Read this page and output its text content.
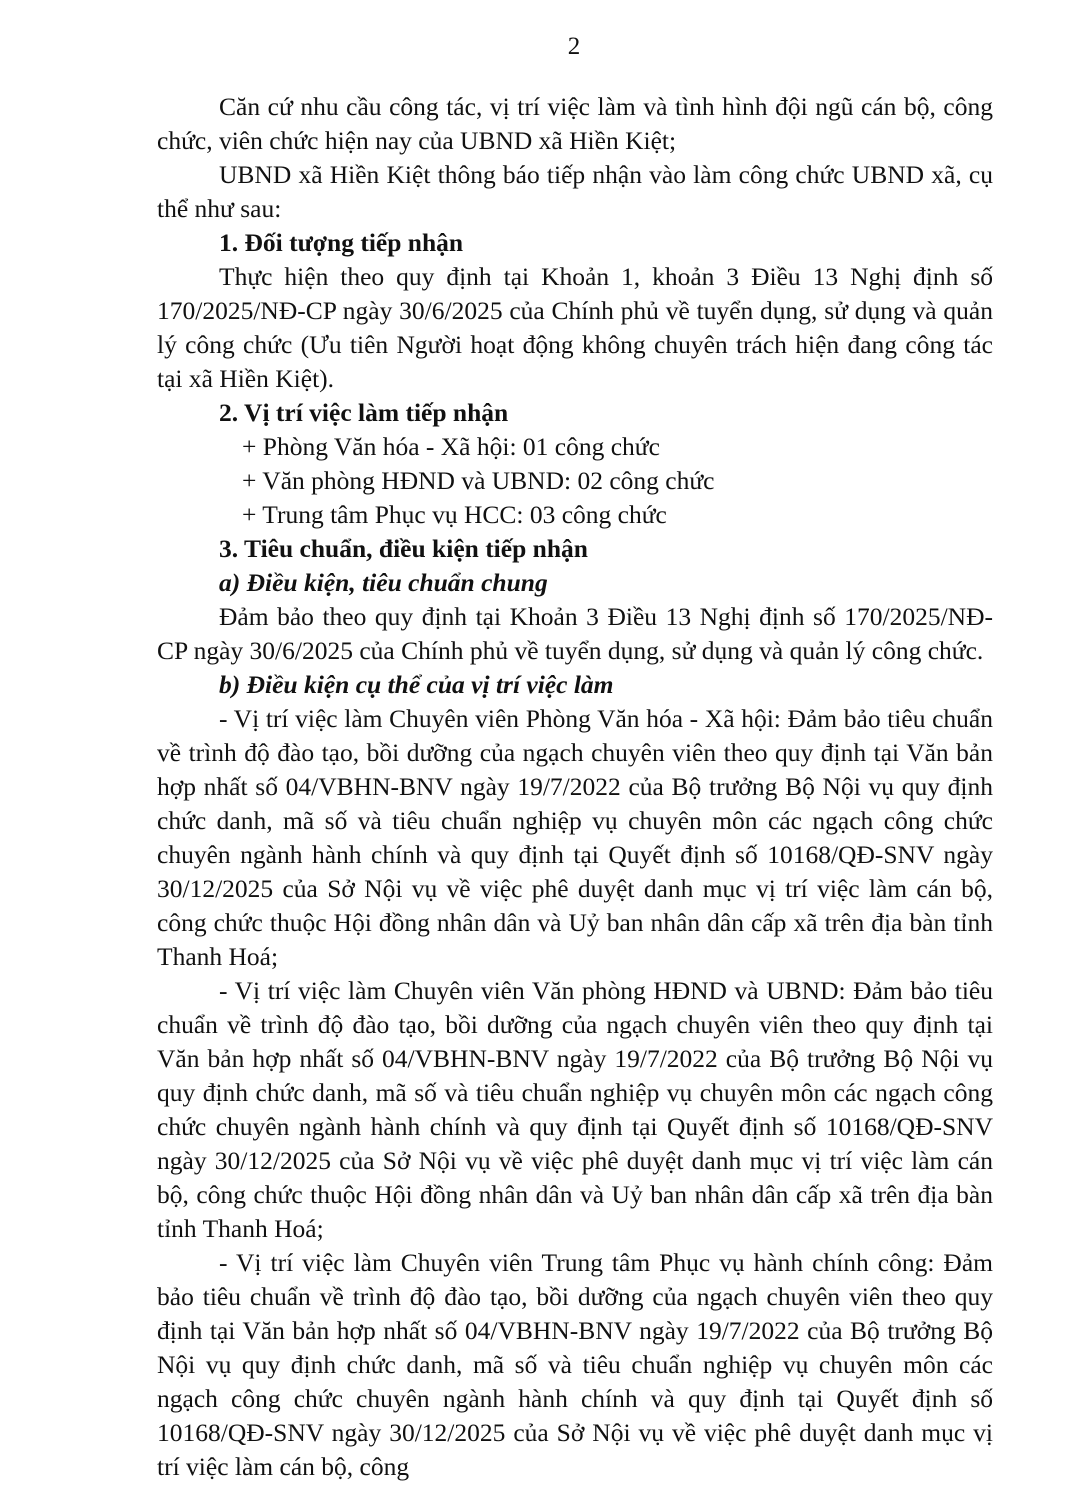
2

Căn cứ nhu cầu công tác, vị trí việc làm và tình hình đội ngũ cán bộ, công chức, viên chức hiện nay của UBND xã Hiền Kiệt;

UBND xã Hiền Kiệt thông báo tiếp nhận vào làm công chức UBND xã, cụ thể như sau:

1. Đối tượng tiếp nhận

Thực hiện theo quy định tại Khoản 1, khoản 3 Điều 13 Nghị định số 170/2025/NĐ-CP ngày 30/6/2025 của Chính phủ về tuyển dụng, sử dụng và quản lý công chức (Ưu tiên Người hoạt động không chuyên trách hiện đang công tác tại xã Hiền Kiệt).

2. Vị trí việc làm tiếp nhận

+ Phòng Văn hóa - Xã hội: 01 công chức

+ Văn phòng HĐND và UBND: 02 công chức

+ Trung tâm Phục vụ HCC: 03 công chức

3. Tiêu chuẩn, điều kiện tiếp nhận

a) Điều kiện, tiêu chuẩn chung

Đảm bảo theo quy định tại Khoản 3 Điều 13 Nghị định số 170/2025/NĐ- CP ngày 30/6/2025 của Chính phủ về tuyển dụng, sử dụng và quản lý công chức.

b) Điều kiện cụ thể của vị trí việc làm

- Vị trí việc làm Chuyên viên Phòng Văn hóa - Xã hội: Đảm bảo tiêu chuẩn về trình độ đào tạo, bồi dưỡng của ngạch chuyên viên theo quy định tại Văn bản hợp nhất số 04/VBHN-BNV ngày 19/7/2022 của Bộ trưởng Bộ Nội vụ quy định chức danh, mã số và tiêu chuẩn nghiệp vụ chuyên môn các ngạch công chức chuyên ngành hành chính và quy định tại Quyết định số 10168/QĐ-SNV ngày 30/12/2025 của Sở Nội vụ về việc phê duyệt danh mục vị trí việc làm cán bộ, công chức thuộc Hội đồng nhân dân và Uỷ ban nhân dân cấp xã trên địa bàn tỉnh Thanh Hoá;

- Vị trí việc làm Chuyên viên Văn phòng HĐND và UBND: Đảm bảo tiêu chuẩn về trình độ đào tạo, bồi dưỡng của ngạch chuyên viên theo quy định tại Văn bản hợp nhất số 04/VBHN-BNV ngày 19/7/2022 của Bộ trưởng Bộ Nội vụ quy định chức danh, mã số và tiêu chuẩn nghiệp vụ chuyên môn các ngạch công chức chuyên ngành hành chính và quy định tại Quyết định số 10168/QĐ-SNV ngày 30/12/2025 của Sở Nội vụ về việc phê duyệt danh mục vị trí việc làm cán bộ, công chức thuộc Hội đồng nhân dân và Uỷ ban nhân dân cấp xã trên địa bàn tỉnh Thanh Hoá;

- Vị trí việc làm Chuyên viên Trung tâm Phục vụ hành chính công: Đảm bảo tiêu chuẩn về trình độ đào tạo, bồi dưỡng của ngạch chuyên viên theo quy định tại Văn bản hợp nhất số 04/VBHN-BNV ngày 19/7/2022 của Bộ trưởng Bộ Nội vụ quy định chức danh, mã số và tiêu chuẩn nghiệp vụ chuyên môn các ngạch công chức chuyên ngành hành chính và quy định tại Quyết định số 10168/QĐ-SNV ngày 30/12/2025 của Sở Nội vụ về việc phê duyệt danh mục vị trí việc làm cán bộ, công
